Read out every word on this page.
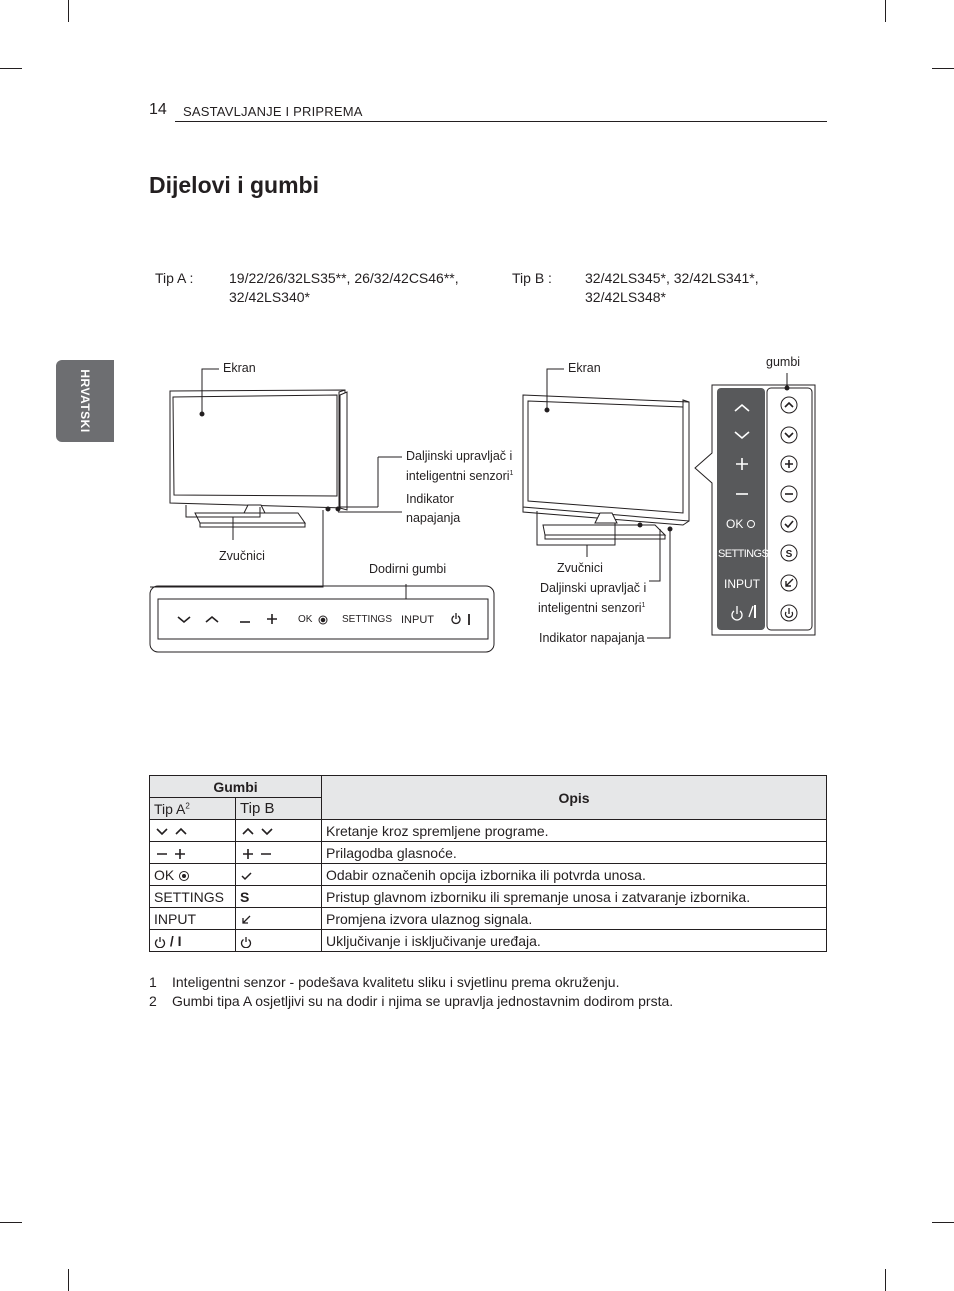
14 SASTAVLJANJE I PRIPREMA
HRVATSKI
Dijelovi i gumbi
Tip A :	19/22/26/32LS35**, 26/32/42CS46**,
32/42LS340*
Tip B : 32/42LS345*, 32/42LS341*,
32/42LS348*
Ekran
Daljinski upravljač i
inteligentni senzori$^1$
Indikator
napajanja
Zvučnici
Dodirni gumbi
OK	SETTINGS INPUT
S
Ekran	gumbi
Zvučnici
Daljinski upravljač i
inteligentni senzori$^1$
Indikator napajanja
OK
SETTINGS
INPUT
Gumbi		Opis
Tip $A^2$	Tip B	
		Kretanje kroz spremljene programe.
		Prilagodba glasnoće.
OK		Odabir označenih opcija izbornika ili potvrda unosa.
SETTINGS	S	Pristup glavnom izborniku ili spremanje unosa i zatvaranje izbornika.
INPUT		Promjena izvora ulaznog signala.
/ I		Uključivanje i isključivanje uređaja.
1 Inteligentni senzor - podešava kvalitetu sliku i svjetlinu prema okruženju.
2 Gumbi tipa A osjetljivi su na dodir i njima se upravlja jednostavnim dodirom prsta.
